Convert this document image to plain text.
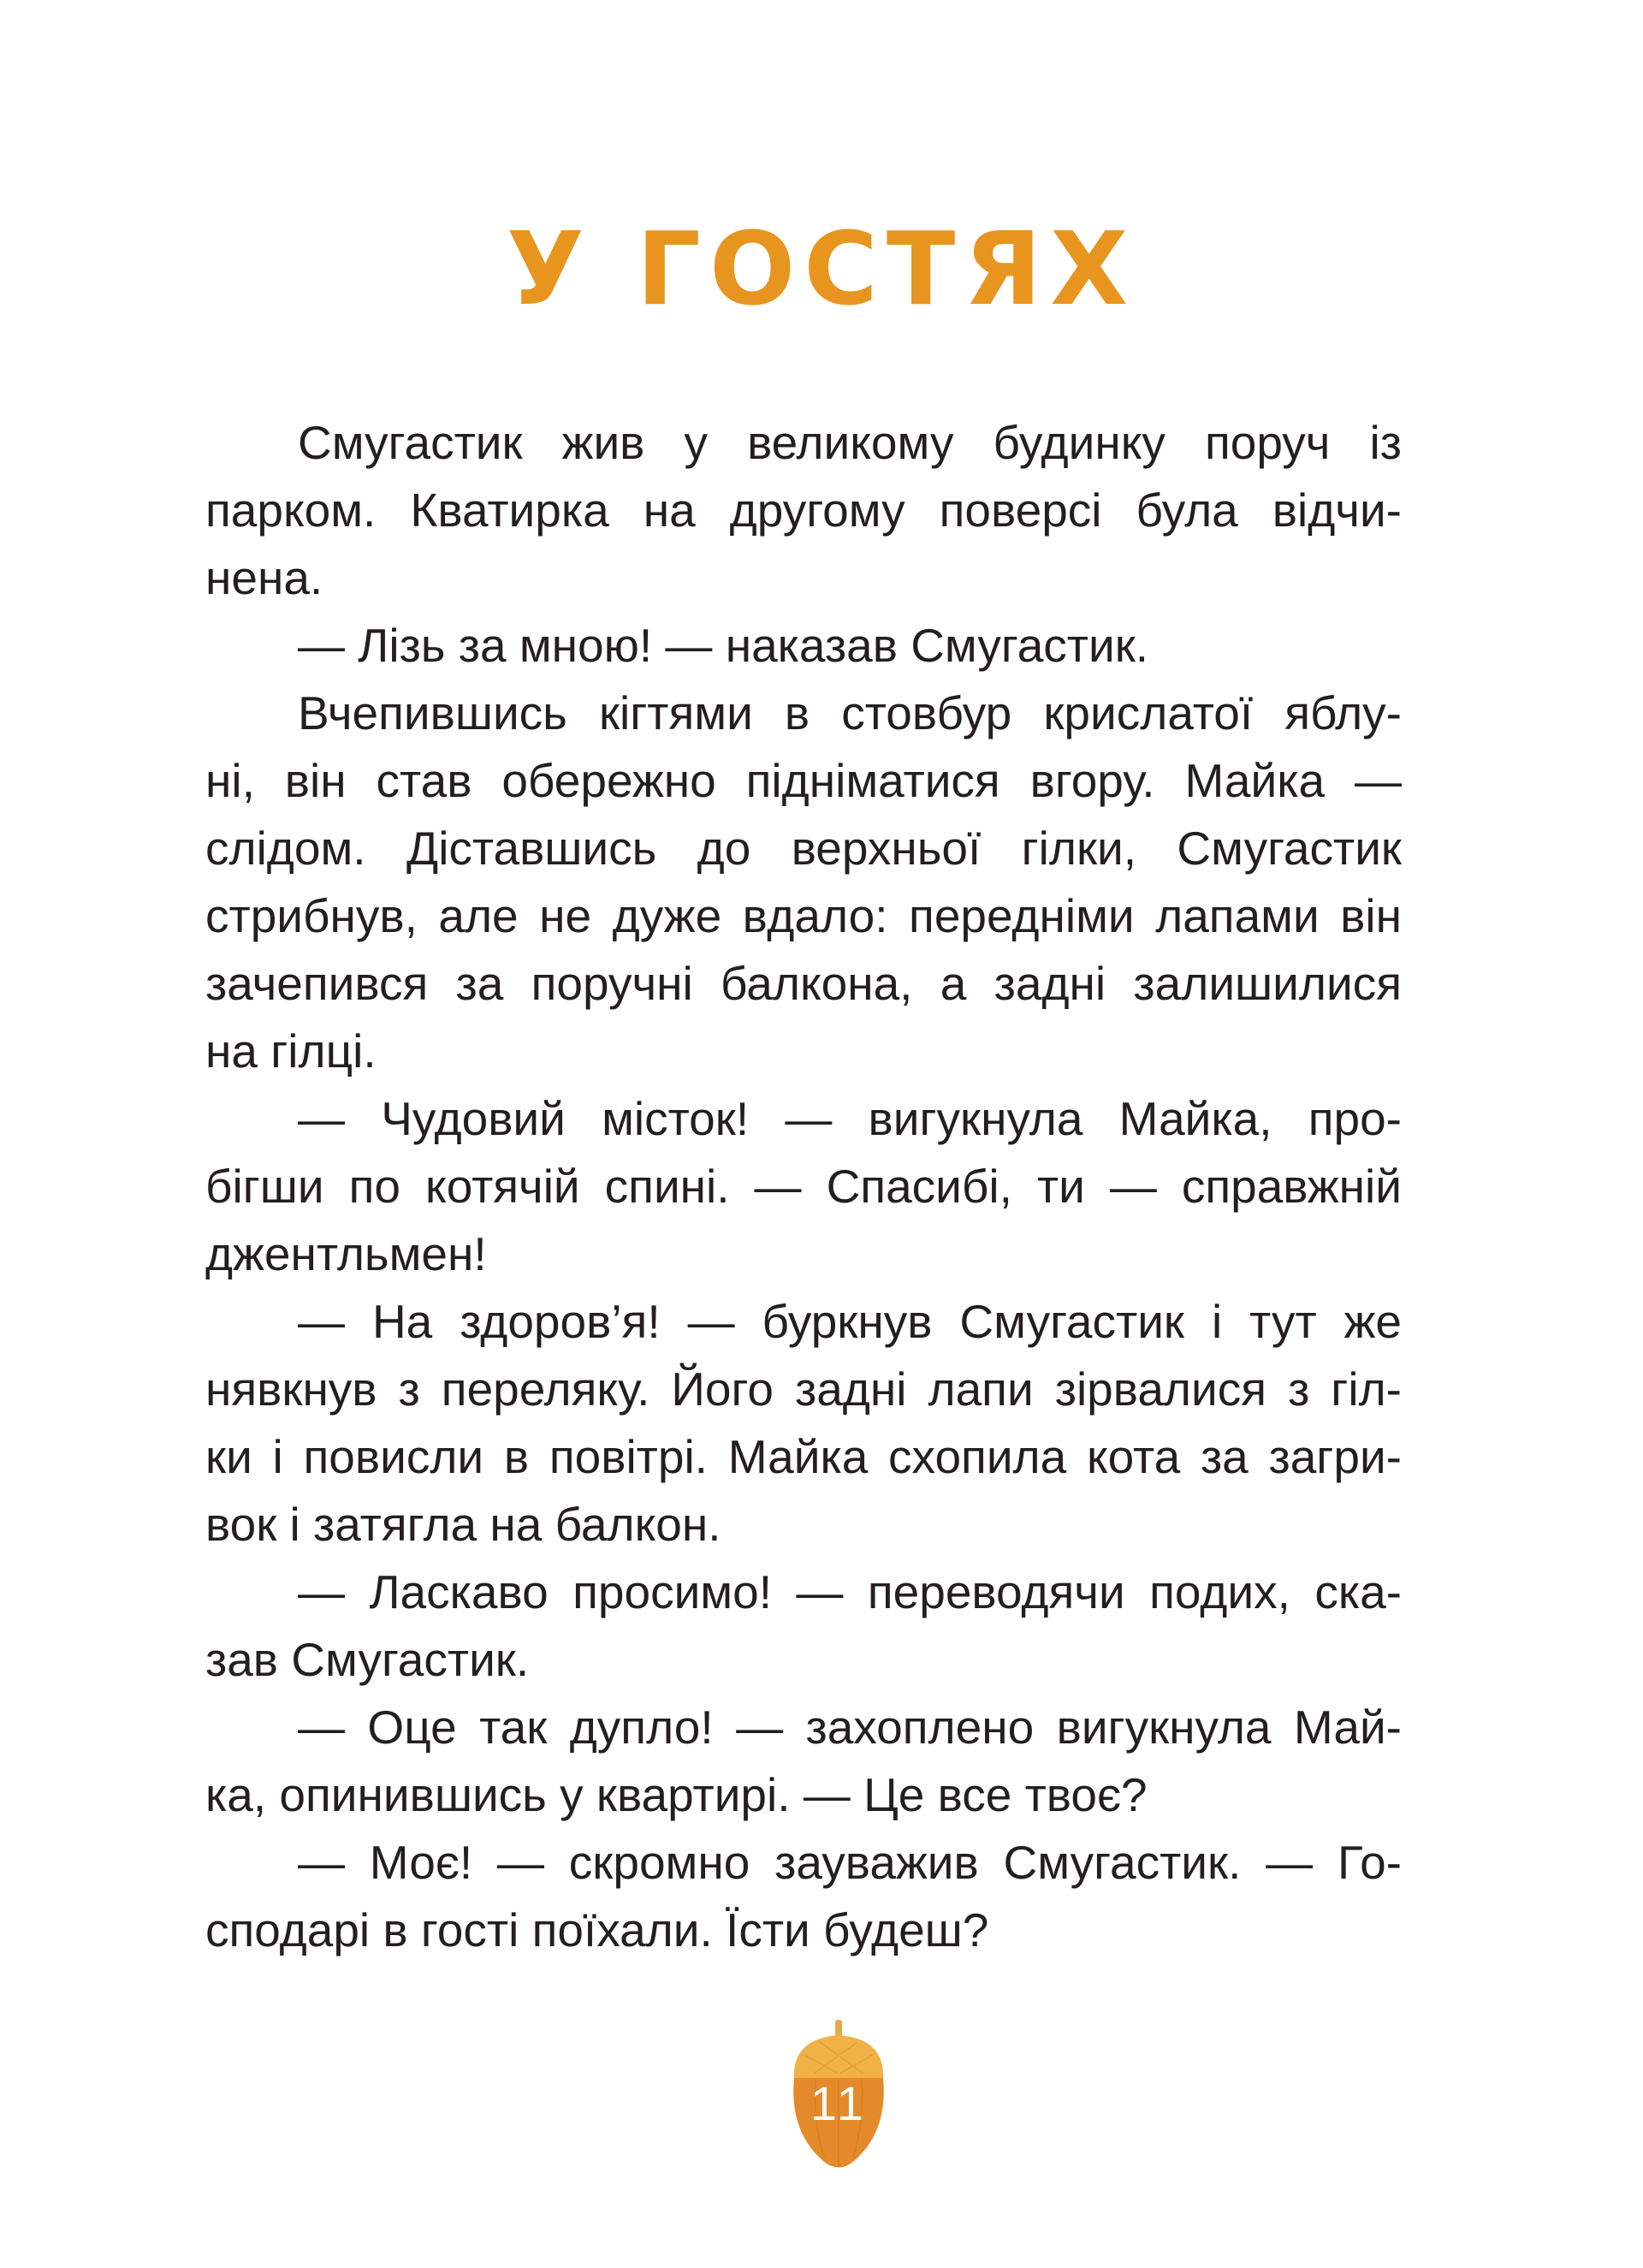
У ГОСТЯХ
Смугастик жив у великому будинку поруч із
парком. Кватирка на другому поверсі була відчи-
нена.
— Лізь за мною! — наказав Смугастик.
Вчепившись кігтями в стовбур крислатої яблу-
ні, він став обережно підніматися вгору. Майка —
слідом. Діставшись до верхньої гілки, Смугастик
стрибнув, але не дуже вдало: передніми лапами він
зачепився за поручні балкона, а задні залишилися
на гілці.
— Чудовий місток! — вигукнула Майка, про-
бігши по котячій спині. — Спасибі, ти — справжній
джентльмен!
— На здоров’я! — буркнув Смугастик і тут же
нявкнув з переляку. Його задні лапи зірвалися з гіл-
ки і повисли в повітрі. Майка схопила кота за загри-
вок і затягла на балкон.
— Ласкаво просимо! — переводячи подих, ска-
зав Смугастик.
— Оце так дупло! — захоплено вигукнула Май-
ка, опинившись у квартирі. — Це все твоє?
— Моє! — скромно зауважив Смугастик. — Го-
сподарі в гості поїхали. Їсти будеш?
11
